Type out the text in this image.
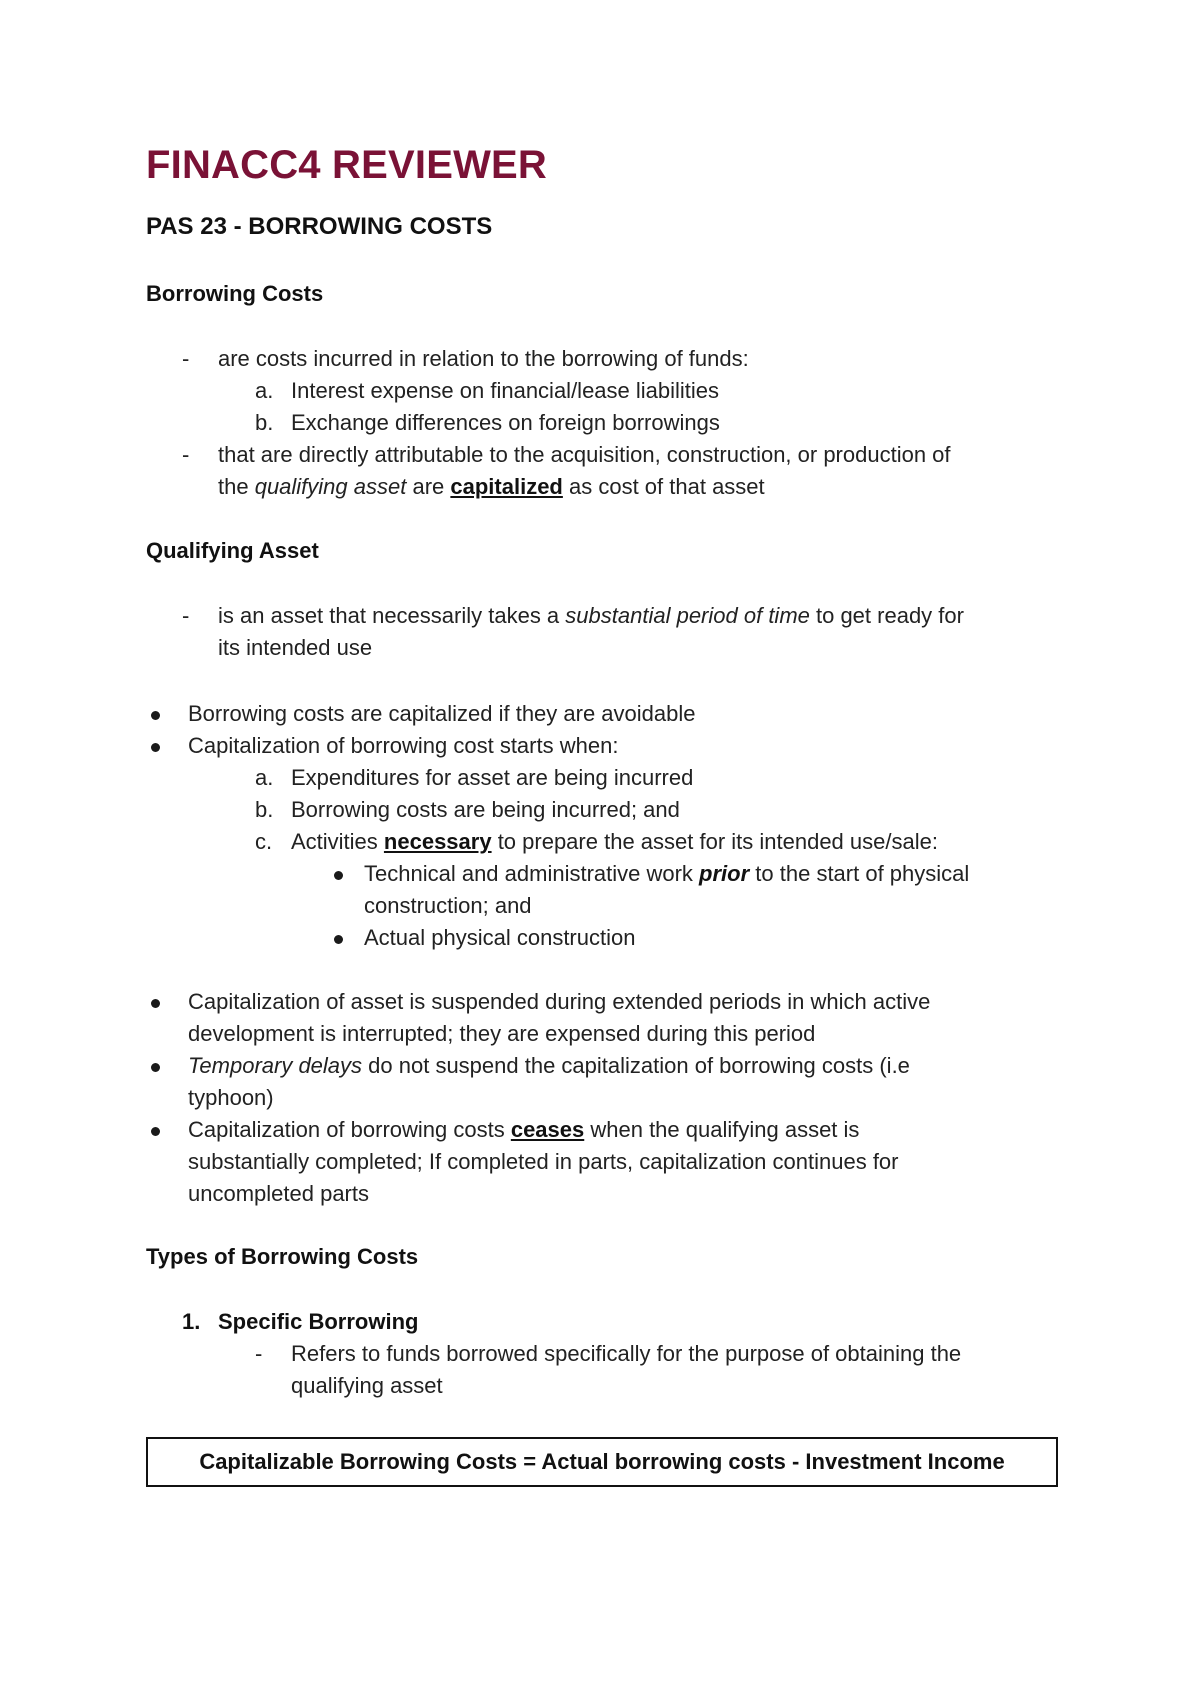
FINACC4 REVIEWER
PAS 23 - BORROWING COSTS
Borrowing Costs
- are costs incurred in relation to the borrowing of funds:
a. Interest expense on financial/lease liabilities
b. Exchange differences on foreign borrowings
- that are directly attributable to the acquisition, construction, or production of
the qualifying asset are capitalized as cost of that asset
Qualifying Asset
- is an asset that necessarily takes a substantial period of time to get ready for
its intended use
Borrowing costs are capitalized if they are avoidable
Capitalization of borrowing cost starts when:
a. Expenditures for asset are being incurred
b. Borrowing costs are being incurred; and
c. Activities necessary to prepare the asset for its intended use/sale:
Technical and administrative work prior to the start of physical
construction; and
Actual physical construction
Capitalization of asset is suspended during extended periods in which active
development is interrupted; they are expensed during this period
Temporary delays do not suspend the capitalization of borrowing costs (i.e
typhoon)
Capitalization of borrowing costs ceases when the qualifying asset is
substantially completed; If completed in parts, capitalization continues for
uncompleted parts
Types of Borrowing Costs
1. Specific Borrowing
- Refers to funds borrowed specifically for the purpose of obtaining the
qualifying asset
Capitalizable Borrowing Costs = Actual borrowing costs - Investment Income
